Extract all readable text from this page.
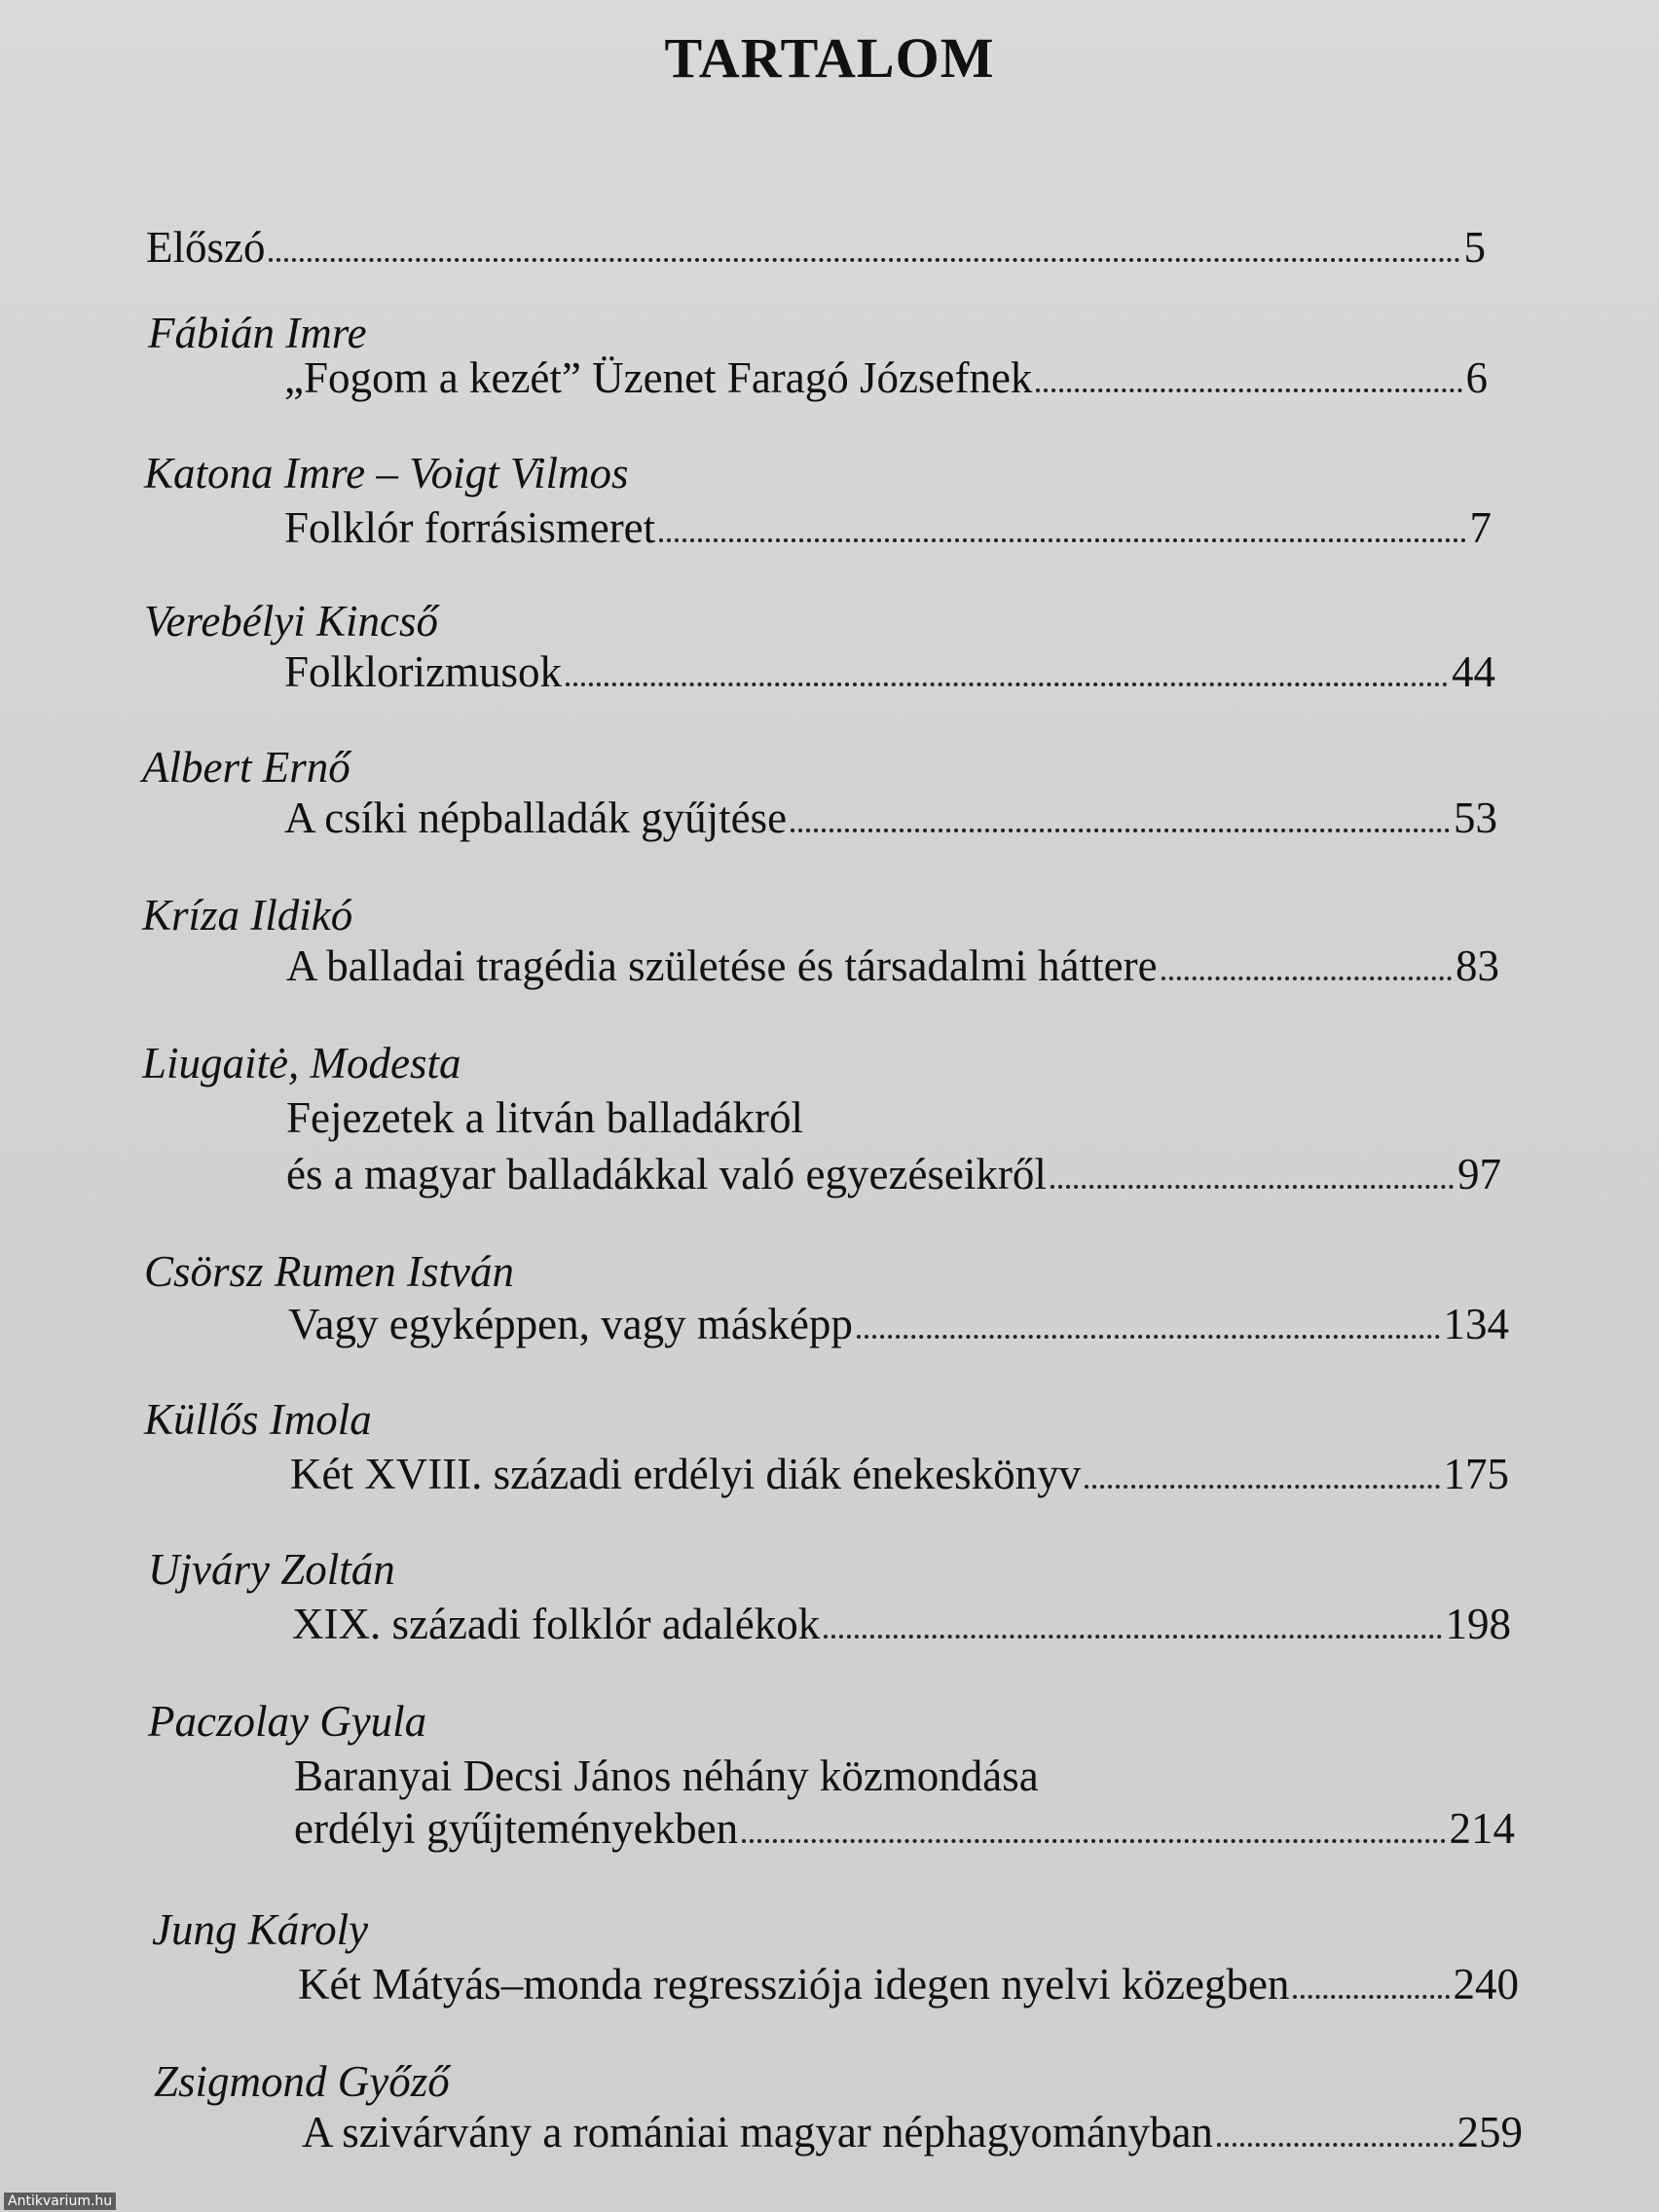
TARTALOM
Előszó	5
Fábián Imre
„Fogom a kezét” Üzenet Faragó Józsefnek	6
Katona Imre – Voigt Vilmos
Folklór forrásismeret	7
Verebélyi Kincső
Folklorizmusok	44
Albert Ernő
A csíki népballadák gyűjtése	53
Kríza Ildikó
A balladai tragédia születése és társadalmi háttere	83
Liugaitė, Modesta
Fejezetek a litván balladákról
és a magyar balladákkal való egyezéseikről	97
Csörsz Rumen István
Vagy egyképpen, vagy másképp	134
Küllős Imola
Két XVIII. századi erdélyi diák énekeskönyv	175
Ujváry Zoltán
XIX. századi folklór adalékok	198
Paczolay Gyula
Baranyai Decsi János néhány közmondása
erdélyi gyűjteményekben	214
Jung Károly
Két Mátyás–monda regressziója idegen nyelvi közegben	240
Zsigmond Győző
A szivárvány a romániai magyar néphagyományban	259
Antikvarium.hu
